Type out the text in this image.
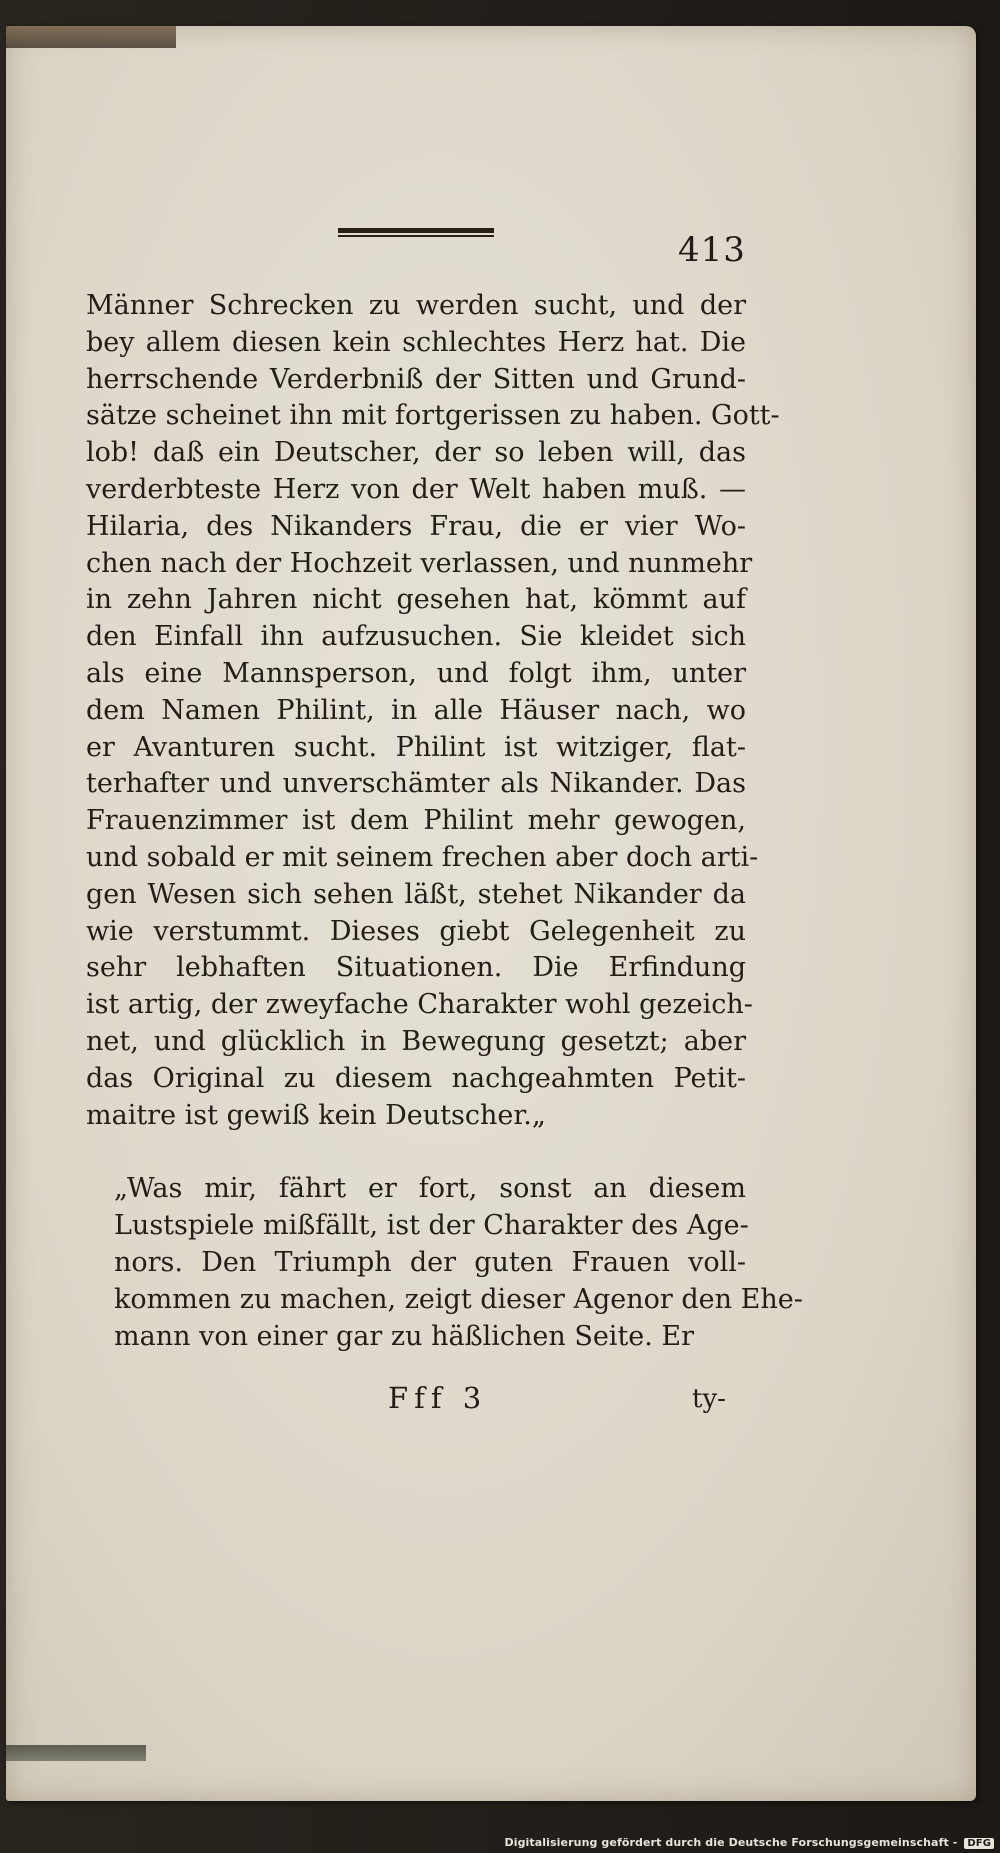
413
Männer Schrecken zu werden sucht, und der
bey allem diesen kein schlechtes Herz hat. Die
herrschende Verderbniß der Sitten und Grund-
sätze scheinet ihn mit fortgerissen zu haben. Gott-
lob! daß ein Deutscher, der so leben will, das
verderbteste Herz von der Welt haben muß. —
Hilaria, des Nikanders Frau, die er vier Wo-
chen nach der Hochzeit verlassen, und nunmehr
in zehn Jahren nicht gesehen hat, kömmt auf
den Einfall ihn aufzusuchen. Sie kleidet sich
als eine Mannsperson, und folgt ihm, unter
dem Namen Philint, in alle Häuser nach, wo
er Avanturen sucht. Philint ist witziger, flat-
terhafter und unverschämter als Nikander. Das
Frauenzimmer ist dem Philint mehr gewogen,
und sobald er mit seinem frechen aber doch arti-
gen Wesen sich sehen läßt, stehet Nikander da
wie verstummt. Dieses giebt Gelegenheit zu
sehr lebhaften Situationen. Die Erfindung
ist artig, der zweyfache Charakter wohl gezeich-
net, und glücklich in Bewegung gesetzt; aber
das Original zu diesem nachgeahmten Petit-
maitre ist gewiß kein Deutscher.„
„Was mir, fährt er fort, sonst an diesem
Lustspiele mißfällt, ist der Charakter des Age-
nors. Den Triumph der guten Frauen voll-
kommen zu machen, zeigt dieser Agenor den Ehe-
mann von einer gar zu häßlichen Seite. Er
Fff 3	ty-
Digitalisierung gefördert durch die Deutsche Forschungsgemeinschaft - DFG
